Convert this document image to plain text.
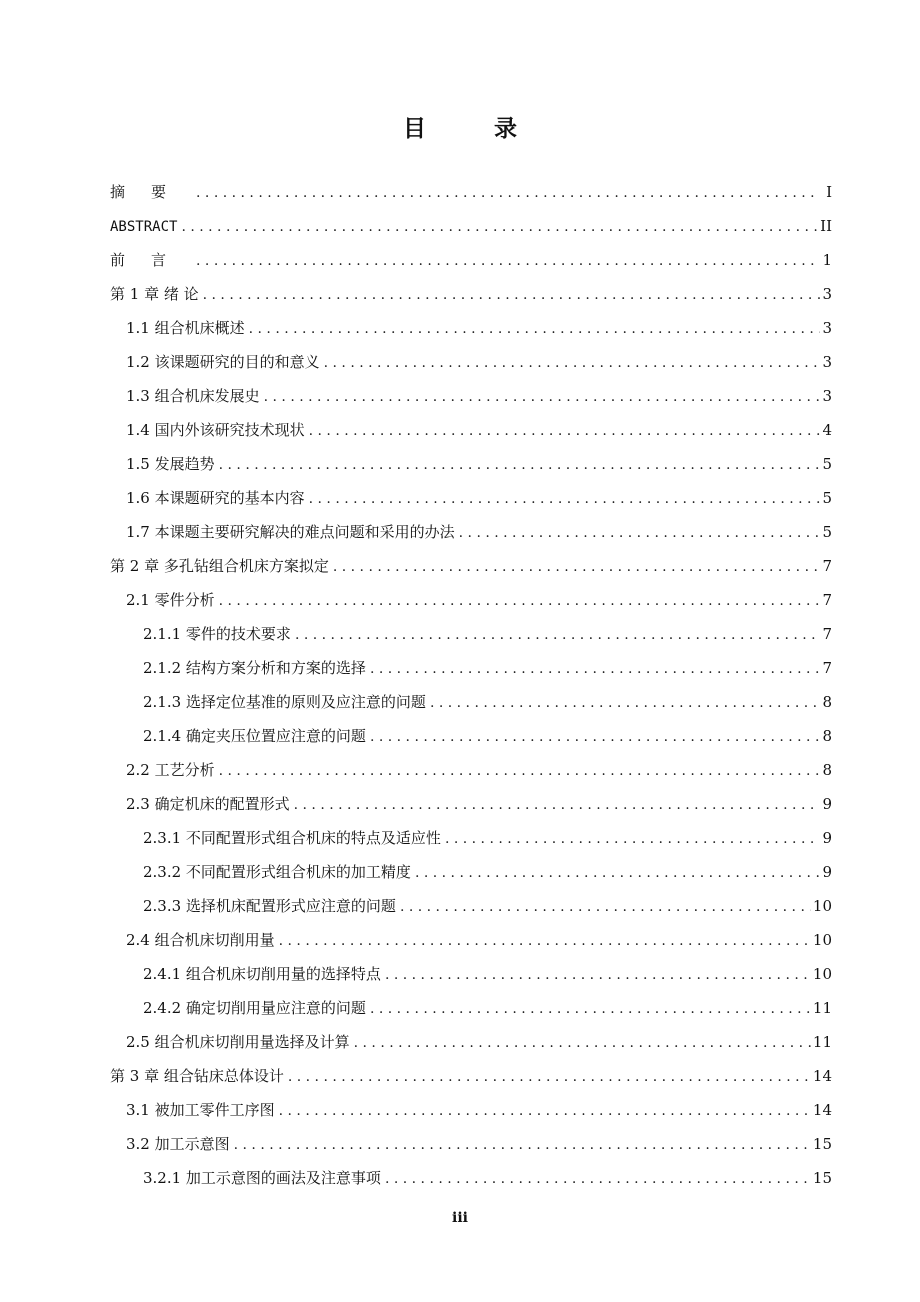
目 录
摘要 . . .	I
ABSTRACT . . .	II
前言 . . .	1
第 1 章 绪 论 . . .	3
1.1 组合机床概述 . . .	3
1.2 该课题研究的目的和意义 . . .	3
1.3 组合机床发展史 . . .	3
1.4 国内外该研究技术现状 . . .	4
1.5 发展趋势 . . .	5
1.6 本课题研究的基本内容 . . .	5
1.7 本课题主要研究解决的难点问题和采用的办法 . . .	5
第 2 章 多孔钻组合机床方案拟定 . . .	7
2.1 零件分析 . . .	7
2.1.1 零件的技术要求 . . .	7
2.1.2 结构方案分析和方案的选择 . . .	7
2.1.3 选择定位基准的原则及应注意的问题 . . .	8
2.1.4 确定夹压位置应注意的问题 . . .	8
2.2 工艺分析 . . .	8
2.3 确定机床的配置形式 . . .	9
2.3.1 不同配置形式组合机床的特点及适应性 . . .	9
2.3.2 不同配置形式组合机床的加工精度 . . .	9
2.3.3 选择机床配置形式应注意的问题 . . .	10
2.4 组合机床切削用量 . . .	10
2.4.1 组合机床切削用量的选择特点 . . .	10
2.4.2 确定切削用量应注意的问题 . . .	11
2.5 组合机床切削用量选择及计算 . . .	11
第 3 章 组合钻床总体设计 . . .	14
3.1 被加工零件工序图 . . .	14
3.2 加工示意图 . . .	15
3.2.1 加工示意图的画法及注意事项 . . .	15
iii
